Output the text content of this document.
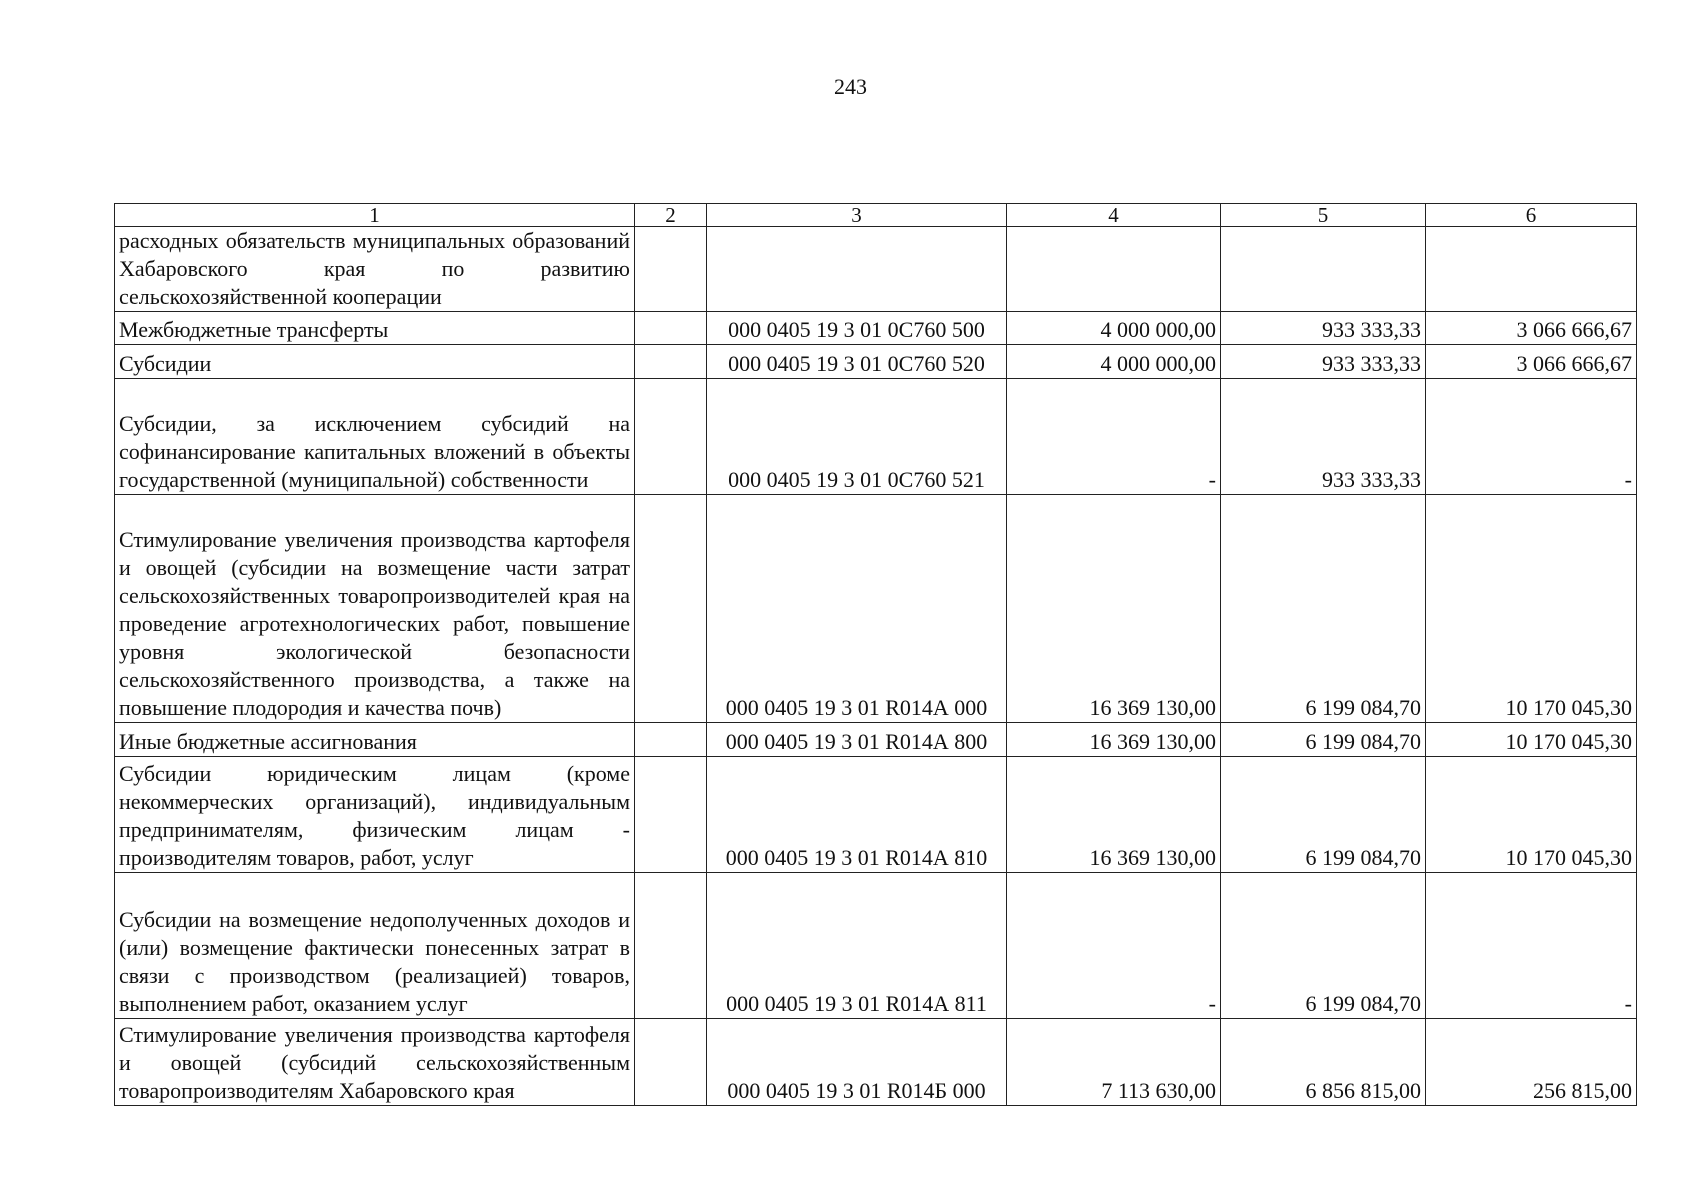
243
1	2	3	4	5	6
расходных обязательств муниципальных образований Хабаровского края по развитию сельскохозяйственной кооперации					
Межбюджетные трансферты		000 0405 19 3 01 0С760 500	4 000 000,00	933 333,33	3 066 666,67
Субсидии		000 0405 19 3 01 0С760 520	4 000 000,00	933 333,33	3 066 666,67
Субсидии, за исключением субсидий на софинансирование капитальных вложений в объекты государственной (муниципальной) собственности		000 0405 19 3 01 0С760 521	-	933 333,33	-
Стимулирование увеличения производства картофеля и овощей (субсидии на возмещение части затрат сельскохозяйственных товаропроизводителей края на проведение агротехнологических работ, повышение уровня экологической безопасности сельскохозяйственного производства, а также на повышение плодородия и качества почв)		000 0405 19 3 01 R014А 000	16 369 130,00	6 199 084,70	10 170 045,30
Иные бюджетные ассигнования		000 0405 19 3 01 R014А 800	16 369 130,00	6 199 084,70	10 170 045,30
Субсидии юридическим лицам (кроме некоммерческих организаций), индивидуальным предпринимателям, физическим лицам - производителям товаров, работ, услуг		000 0405 19 3 01 R014А 810	16 369 130,00	6 199 084,70	10 170 045,30
Субсидии на возмещение недополученных доходов и (или) возмещение фактически понесенных затрат в связи с производством (реализацией) товаров, выполнением работ, оказанием услуг		000 0405 19 3 01 R014А 811	-	6 199 084,70	-
Стимулирование увеличения производства картофеля и овощей (субсидий сельскохозяйственным товаропроизводителям Хабаровского края		000 0405 19 3 01 R014Б 000	7 113 630,00	6 856 815,00	256 815,00
